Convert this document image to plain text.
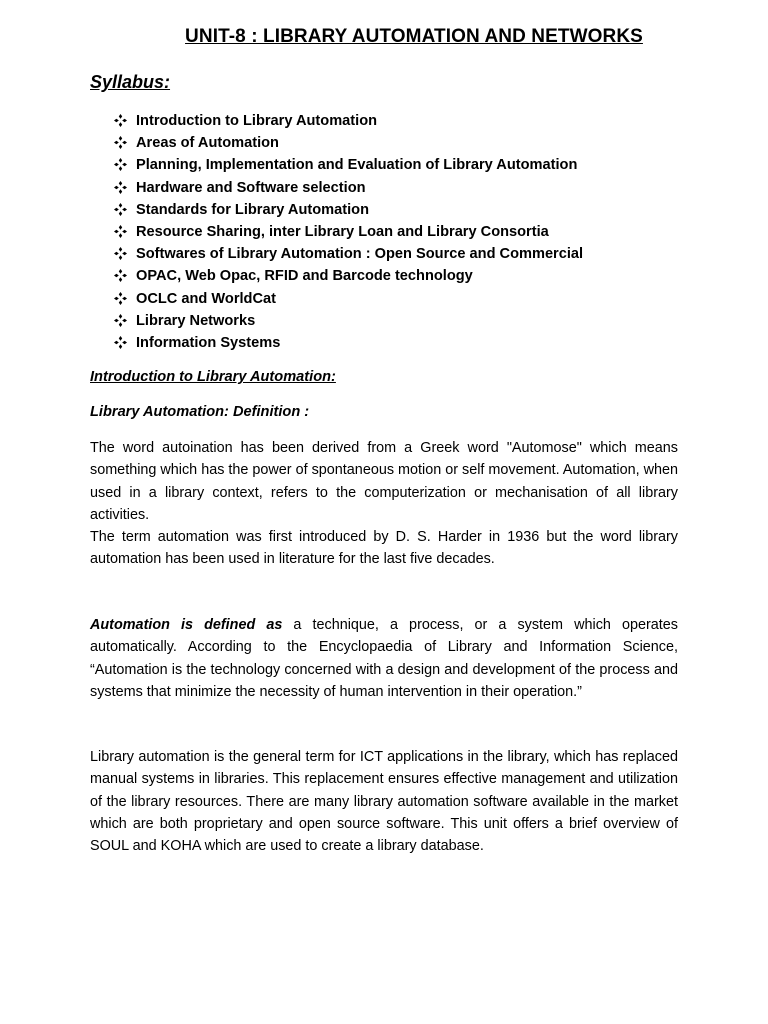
UNIT-8 : LIBRARY AUTOMATION AND NETWORKS
Syllabus:
Introduction to Library Automation
Areas of Automation
Planning, Implementation and Evaluation of Library Automation
Hardware and Software selection
Standards for Library Automation
Resource Sharing, inter Library Loan and Library Consortia
Softwares of Library Automation : Open Source and Commercial
OPAC, Web Opac, RFID and Barcode technology
OCLC and WorldCat
Library Networks
Information Systems
Introduction to Library Automation:
Library Automation: Definition :
The word autoination has been derived from a Greek word "Automose" which means something which has the power of spontaneous motion or self movement. Automation, when used in a library context, refers to the computerization or mechanisation of all library activities.
The term automation was first introduced by D. S. Harder in 1936 but the word library automation has been used in literature for the last five decades.

Automation is defined as a technique, a process, or a system which operates automatically. According to the Encyclopaedia of Library and Information Science, “Automation is the technology concerned with a design and development of the process and systems that minimize the necessity of human intervention in their operation.”

Library automation is the general term for ICT applications in the library, which has replaced manual systems in libraries. This replacement ensures effective management and utilization of the library resources. There are many library automation software available in the market which are both proprietary and open source software. This unit offers a brief overview of SOUL and KOHA which are used to create a library database.
